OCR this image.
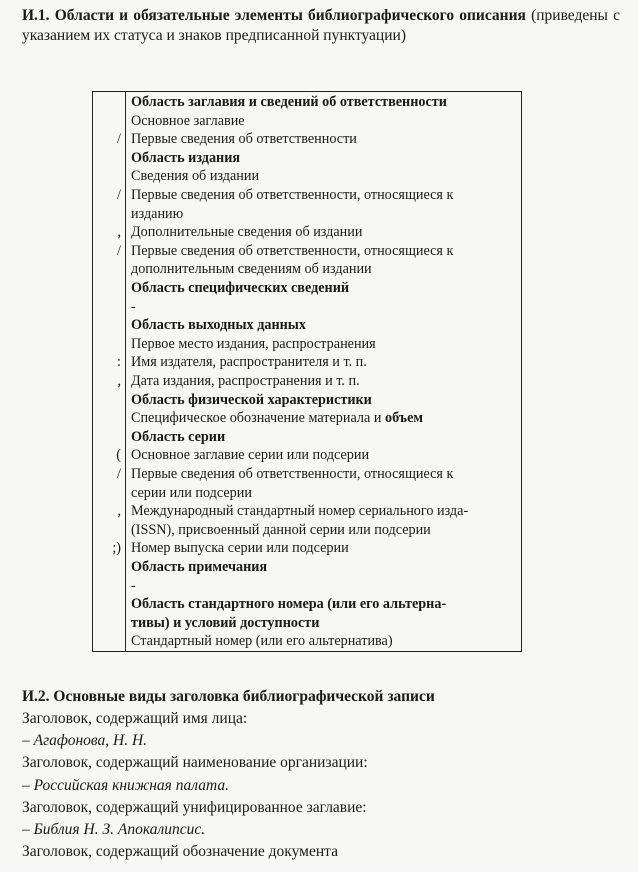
И.1. Области и обязательные элементы библиографического описания (приведены с указанием их статуса и знаков предписанной пунктуации)
Область заглавия и сведений об ответственности
Основное заглавие
/ Первые сведения об ответственности
Область издания
Сведения об издании
/ Первые сведения об ответственности, относящиеся к
изданию
, Дополнительные сведения об издании
/ Первые сведения об ответственности, относящиеся к
дополнительным сведениям об издании
Область специфических сведений
-
Область выходных данных
Первое место издания, распространения
: Имя издателя, распространителя и т. п.
, Дата издания, распространения и т. п.
Область физической характеристики
Специфическое обозначение материала и объем
Область серии
( Основное заглавие серии или подсерии
/ Первые сведения об ответственности, относящиеся к
серии или подсерии
, Международный стандартный номер сериального изда-
(ISSN), присвоенный данной серии или подсерии
;) Номер выпуска серии или подсерии
Область примечания
-
Область стандартного номера (или его альтерна-
тивы) и условий доступности
Стандартный номер (или его альтернатива)
И.2. Основные виды заголовка библиографической записи
Заголовок, содержащий имя лица:
– Агафонова, Н. Н.
Заголовок, содержащий наименование организации:
– Российская книжная палата.
Заголовок, содержащий унифицированное заглавие:
– Библия Н. З. Апокалипсис.
Заголовок, содержащий обозначение документа
